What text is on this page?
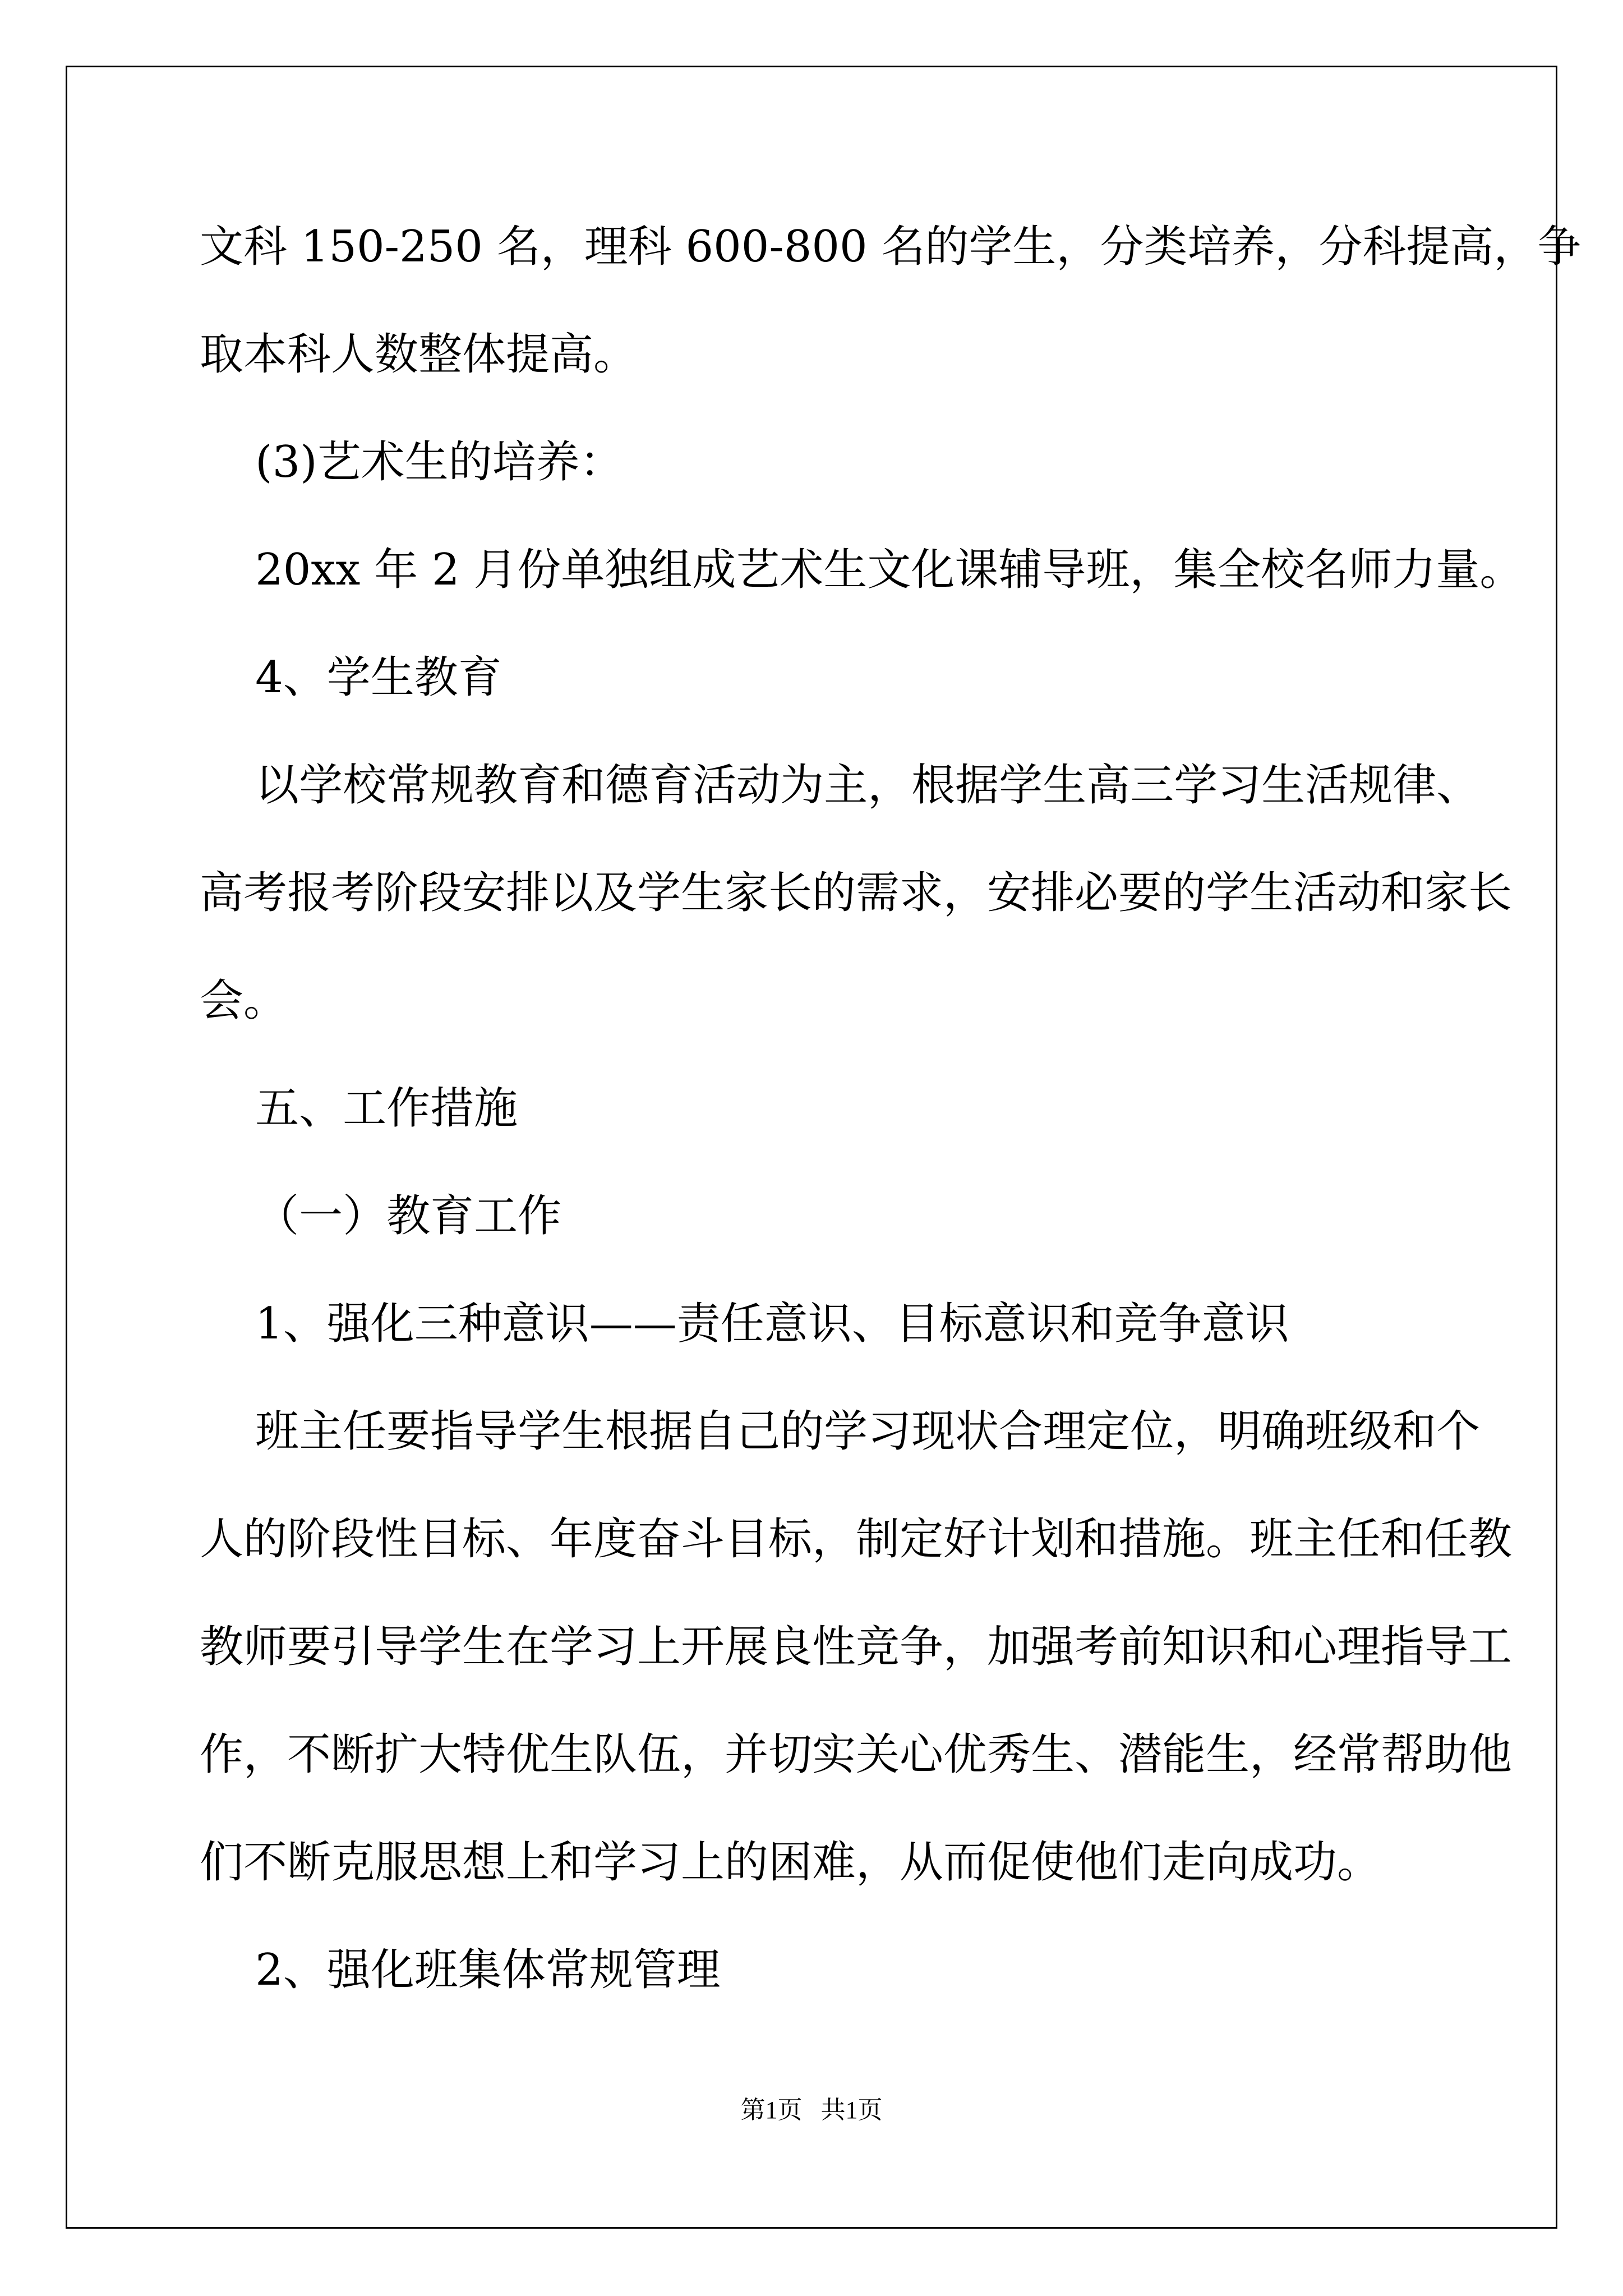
文科 150-250 名，理科 600-800 名的学生，分类培养，分科提高，争
取本科人数整体提高。
(3)艺术生的培养：
20xx 年 2 月份单独组成艺术生文化课辅导班，集全校名师力量。
4、学生教育
以学校常规教育和德育活动为主，根据学生高三学习生活规律、
高考报考阶段安排以及学生家长的需求，安排必要的学生活动和家长
会。
五、工作措施
（一）教育工作
1、强化三种意识——责任意识、目标意识和竞争意识
班主任要指导学生根据自己的学习现状合理定位，明确班级和个
人的阶段性目标、年度奋斗目标，制定好计划和措施。班主任和任教
教师要引导学生在学习上开展良性竞争，加强考前知识和心理指导工
作，不断扩大特优生队伍，并切实关心优秀生、潜能生，经常帮助他
们不断克服思想上和学习上的困难，从而促使他们走向成功。
2、强化班集体常规管理
第1页   共1页
